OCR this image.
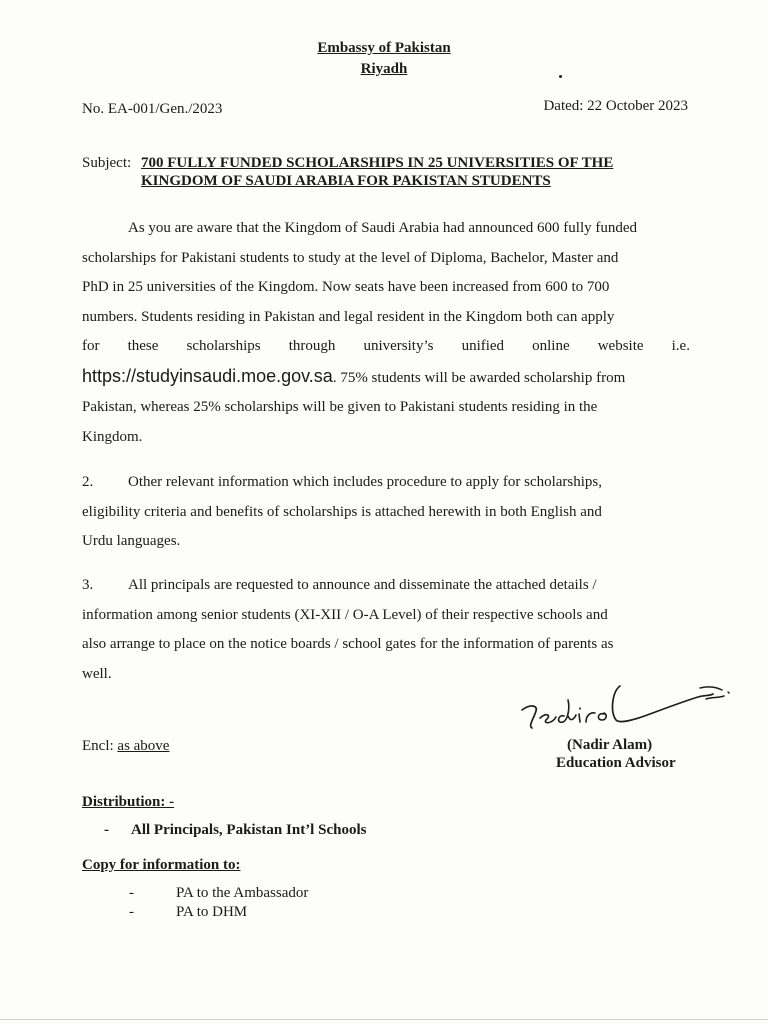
Embassy of Pakistan
Riyadh
No. EA-001/Gen./2023	Dated: 22 October 2023
Subject: 700 FULLY FUNDED SCHOLARSHIPS IN 25 UNIVERSITIES OF THE
KINGDOM OF SAUDI ARABIA FOR PAKISTAN STUDENTS

As you are aware that the Kingdom of Saudi Arabia had announced 600 fully funded

scholarships for Pakistani students to study at the level of Diploma, Bachelor, Master and

PhD in 25 universities of the Kingdom. Now seats have been increased from 600 to 700

numbers. Students residing in Pakistan and legal resident in the Kingdom both can apply

for these scholarships through university’s unified online website i.e.

https://studyinsaudi.moe.gov.sa. 75% students will be awarded scholarship from

Pakistan, whereas 25% scholarships will be given to Pakistani students residing in the

Kingdom.

2. Other relevant information which includes procedure to apply for scholarships,

eligibility criteria and benefits of scholarships is attached herewith in both English and

Urdu languages.

3. All principals are requested to announce and disseminate the attached details /

information among senior students (XI-XII / O-A Level) of their respective schools and

also arrange to place on the notice boards / school gates for the information of parents as

well.

(Nadir Alam)
Education Advisor
Encl: as above
Distribution: -
- All Principals, Pakistan Int’l Schools
Copy for information to:
-	PA to the Ambassador
-	PA to DHM
